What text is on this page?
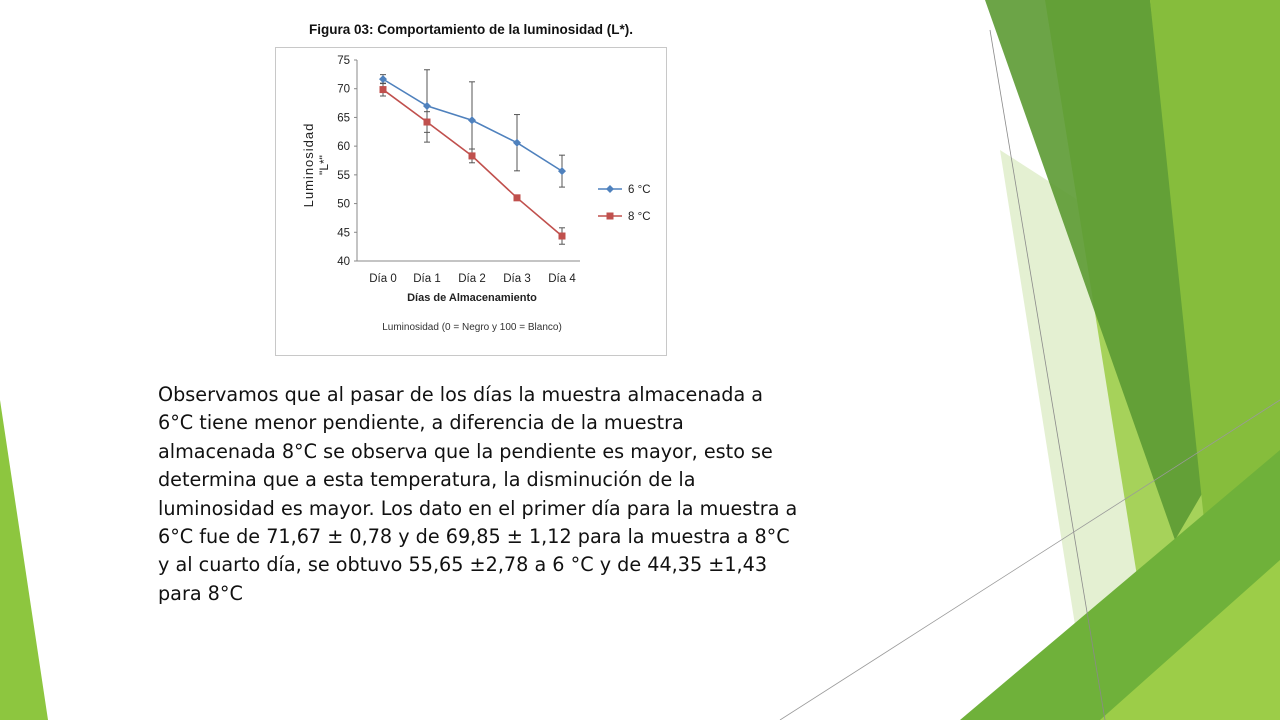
Figura 03: Comportamiento de la luminosidad (L*).

40
45
50
55
60
65
70
75
Día 0 Día 1 Día 2 Día 3 Día 4
Días de Almacenamiento
Luminosidad "L*"
Luminosidad (0 = Negro y 100 = Blanco)
6 °C
8 °C

Observamos que al pasar de los días la muestra almacenada a 6°C tiene menor pendiente, a diferencia de la muestra almacenada 8°C se observa que la pendiente es mayor, esto se determina que a esta temperatura, la disminución de la luminosidad es mayor. Los dato en el primer día para la muestra a 6°C fue de 71,67 ± 0,78 y de 69,85 ± 1,12 para la muestra a 8°C y al cuarto día, se obtuvo 55,65 ±2,78 a 6 °C y de 44,35 ±1,43 para 8°C
